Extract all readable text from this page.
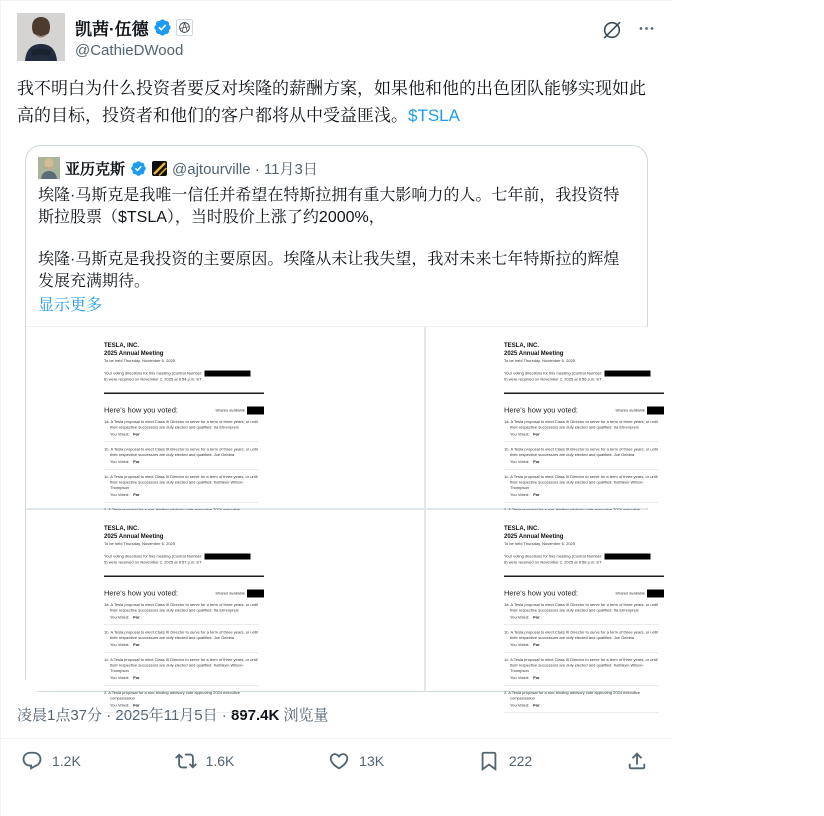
凯茜·伍德
@CathieDWood
我不明白为什么投资者要反对埃隆的薪酬方案，如果他和他的出色团队能够实现如此高的目标，投资者和他们的客户都将从中受益匪浅。$TSLA
亚历克斯	@ajtourville · 11月3日

埃隆·马斯克是我唯一信任并希望在特斯拉拥有重大影响力的人。七年前，我投资特斯拉股票（$TSLA），当时股价上涨了约2000%，

埃隆·马斯克是我投资的主要原因。埃隆从未让我失望，我对未来七年特斯拉的辉煌发展充满期待。

显示更多
TESLA, INC.
2025 Annual Meeting
To be held Thursday, November 6, 2025
Your voting directions for this meeting (Control Number: 6) were received on November 2, 2025 at 6:54 p.m. ET
Here's how you voted:	Shares available
1a. A Tesla proposal to elect Class III Director to serve for a term of three years, or until their respective successors are duly elected and qualified: Ira Ehrenpreis
You Voted: For
1b. A Tesla proposal to elect Class III Director to serve for a term of three years, or until their respective successors are duly elected and qualified: Joe Gebbia
You Voted: For
1c. A Tesla proposal to elect Class III Director to serve for a term of three years, or until their respective successors are duly elected and qualified: Kathleen Wilson-Thompson
You Voted: For
TESLA, INC.
2025 Annual Meeting
To be held Thursday, November 6, 2025
Your voting directions for this meeting (Control Number: 0) were received on November 2, 2025 at 6:56 p.m. ET
Here's how you voted:	Shares available
1a. A Tesla proposal to elect Class III Director to serve for a term of three years, or until their respective successors are duly elected and qualified: Ira Ehrenpreis
You Voted: For
1b. A Tesla proposal to elect Class III Director to serve for a term of three years, or until their respective successors are duly elected and qualified: Joe Gebbia
You Voted: For
1c. A Tesla proposal to elect Class III Director to serve for a term of three years, or until their respective successors are duly elected and qualified: Kathleen Wilson-Thompson
You Voted: For
TESLA, INC.
2025 Annual Meeting
To be held Thursday, November 6, 2025
Your voting directions for this meeting (Control Number: 5) were received on November 2, 2025 at 6:57 p.m. ET
Here's how you voted:	Shares available
1a. A Tesla proposal to elect Class III Director to serve for a term of three years, or until their respective successors are duly elected and qualified: Ira Ehrenpreis
You Voted: For
1b. A Tesla proposal to elect Class III Director to serve for a term of three years, or until their respective successors are duly elected and qualified: Joe Gebbia
You Voted: For
1c. A Tesla proposal to elect Class III Director to serve for a term of three years, or until their respective successors are duly elected and qualified: Kathleen Wilson-Thompson
You Voted: For
2. A Tesla proposal for a non-binding advisory vote approving 2024 executive compensation
You Voted: For
TESLA, INC.
2025 Annual Meeting
To be held Thursday, November 6, 2025
Your voting directions for this meeting (Control Number: 8) were received on November 2, 2025 at 6:58 p.m. ET
Here's how you voted:	Shares available
1a. A Tesla proposal to elect Class III Director to serve for a term of three years, or until their respective successors are duly elected and qualified: Ira Ehrenpreis
You Voted: For
1b. A Tesla proposal to elect Class III Director to serve for a term of three years, or until their respective successors are duly elected and qualified: Joe Gebbia
You Voted: For
1c. A Tesla proposal to elect Class III Director to serve for a term of three years, or until their respective successors are duly elected and qualified: Kathleen Wilson-Thompson
You Voted: For
2. A Tesla proposal for a non-binding advisory vote approving 2024 executive compensation
You Voted: For
凌晨1点37分 · 2025年11月5日 · 897.4K 浏览量
1.2K	1.6K	13K	222
